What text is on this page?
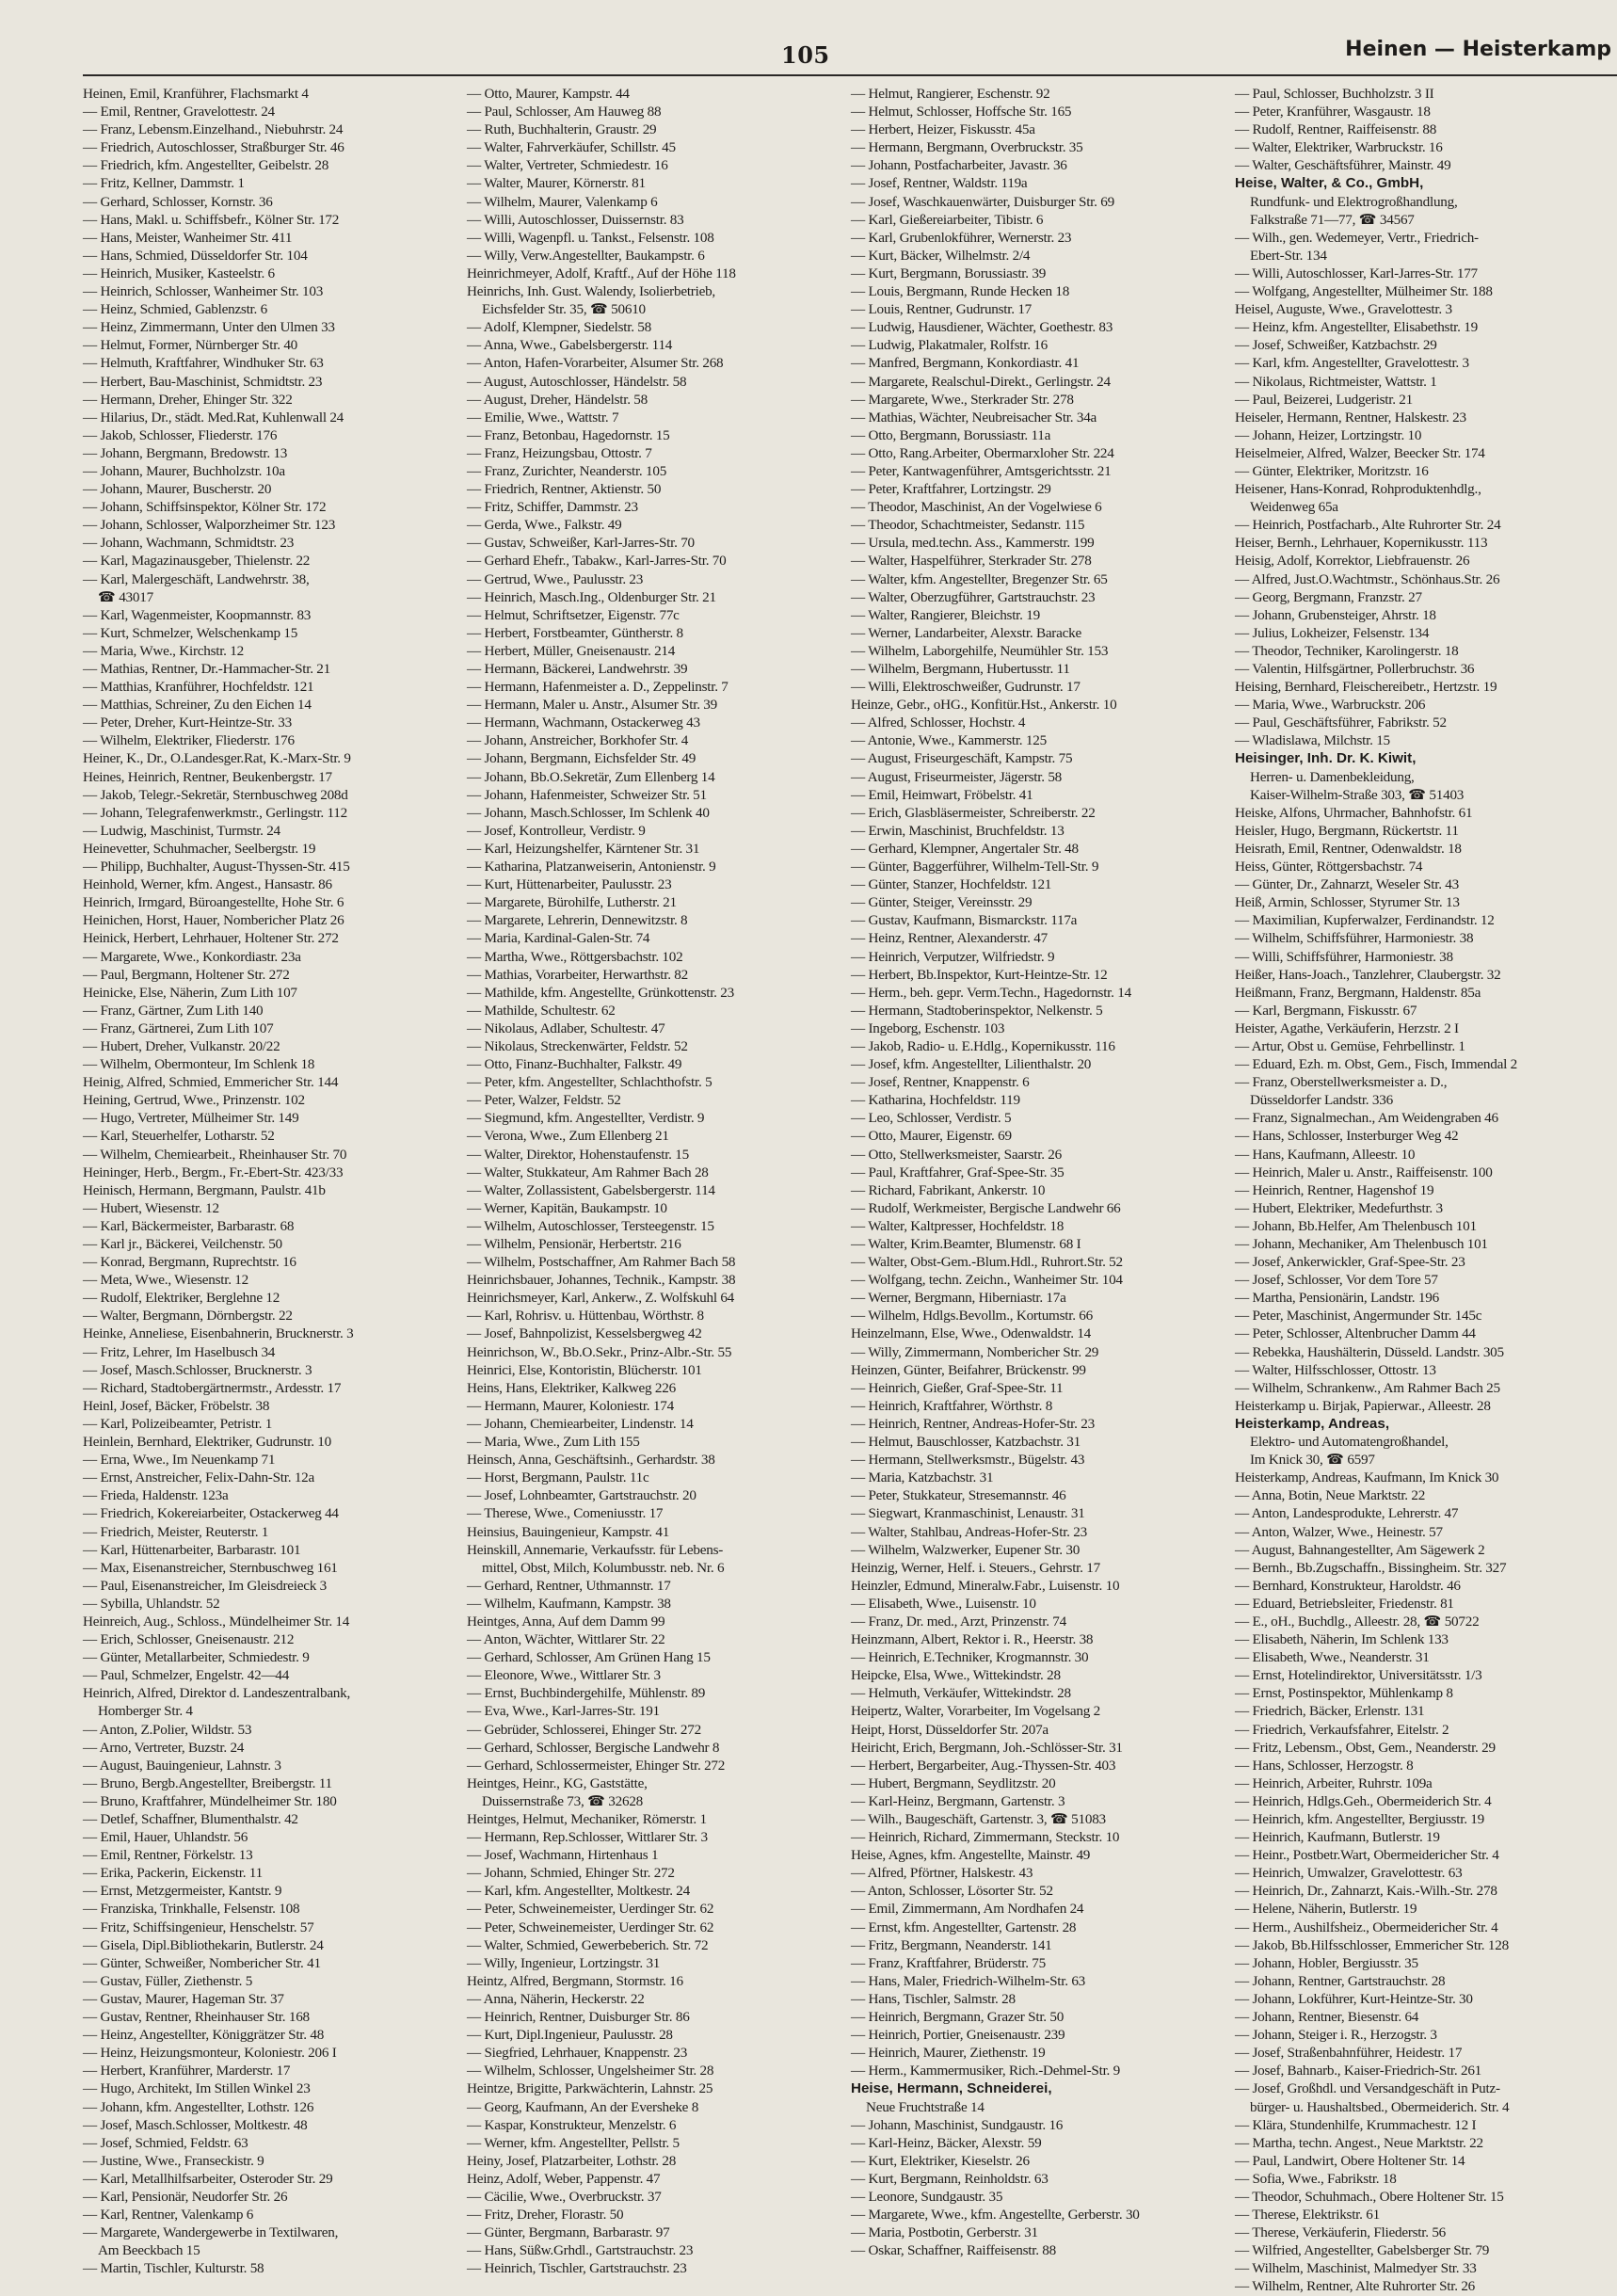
105	Heinen — Heisterkamp
Heinen, Emil, Kranführer, Flachsmarkt 4
— Emil, Rentner, Gravelottestr. 24
— Franz, Lebensm.Einzelhand., Niebuhrstr. 24
— Friedrich, Autoschlosser, Straßburger Str. 46
— Friedrich, kfm. Angestellter, Geibelstr. 28
— Fritz, Kellner, Dammstr. 1
— Gerhard, Schlosser, Kornstr. 36
— Hans, Makl. u. Schiffsbefr., Kölner Str. 172
— Hans, Meister, Wanheimer Str. 411
— Hans, Schmied, Düsseldorfer Str. 104
— Heinrich, Musiker, Kasteelstr. 6
— Heinrich, Schlosser, Wanheimer Str. 103
— Heinz, Schmied, Gablenzstr. 6
— Heinz, Zimmermann, Unter den Ulmen 33
— Helmut, Former, Nürnberger Str. 40
— Helmuth, Kraftfahrer, Windhuker Str. 63
— Herbert, Bau-Maschinist, Schmidtstr. 23
— Hermann, Dreher, Ehinger Str. 322
— Hilarius, Dr., städt. Med.Rat, Kuhlenwall 24
— Jakob, Schlosser, Fliederstr. 176
— Johann, Bergmann, Bredowstr. 13
— Johann, Maurer, Buchholzstr. 10a
— Johann, Maurer, Buscherstr. 20
— Johann, Schiffsinspektor, Kölner Str. 172
— Johann, Schlosser, Walporzheimer Str. 123
— Johann, Wachmann, Schmidtstr. 23
— Karl, Magazinausgeber, Thielenstr. 22
— Karl, Malergeschäft, Landwehrstr. 38,
☎ 43017
— Karl, Wagenmeister, Koopmannstr. 83
— Kurt, Schmelzer, Welschenkamp 15
— Maria, Wwe., Kirchstr. 12
— Mathias, Rentner, Dr.-Hammacher-Str. 21
— Matthias, Kranführer, Hochfeldstr. 121
— Matthias, Schreiner, Zu den Eichen 14
— Peter, Dreher, Kurt-Heintze-Str. 33
— Wilhelm, Elektriker, Fliederstr. 176
Heiner, K., Dr., O.Landesger.Rat, K.-Marx-Str. 9
Heines, Heinrich, Rentner, Beukenbergstr. 17
— Jakob, Telegr.-Sekretär, Sternbuschweg 208d
— Johann, Telegrafenwerkmstr., Gerlingstr. 112
— Ludwig, Maschinist, Turmstr. 24
Heinevetter, Schuhmacher, Seelbergstr. 19
— Philipp, Buchhalter, August-Thyssen-Str. 415
Heinhold, Werner, kfm. Angest., Hansastr. 86
Heinrich, Irmgard, Büroangestellte, Hohe Str. 6
Heinichen, Horst, Hauer, Nombericher Platz 26
Heinick, Herbert, Lehrhauer, Holtener Str. 272
— Margarete, Wwe., Konkordiastr. 23a
— Paul, Bergmann, Holtener Str. 272
Heinicke, Else, Näherin, Zum Lith 107
— Franz, Gärtner, Zum Lith 140
— Franz, Gärtnerei, Zum Lith 107
— Hubert, Dreher, Vulkanstr. 20/22
— Wilhelm, Obermonteur, Im Schlenk 18
Heinig, Alfred, Schmied, Emmericher Str. 144
Heining, Gertrud, Wwe., Prinzenstr. 102
— Hugo, Vertreter, Mülheimer Str. 149
— Karl, Steuerhelfer, Lotharstr. 52
— Wilhelm, Chemiearbeit., Rheinhauser Str. 70
Heininger, Herb., Bergm., Fr.-Ebert-Str. 423/33
Heinisch, Hermann, Bergmann, Paulstr. 41b
— Hubert, Wiesenstr. 12
— Karl, Bäckermeister, Barbarastr. 68
— Karl jr., Bäckerei, Veilchenstr. 50
— Konrad, Bergmann, Ruprechtstr. 16
— Meta, Wwe., Wiesenstr. 12
— Rudolf, Elektriker, Berglehne 12
— Walter, Bergmann, Dörnbergstr. 22
Heinke, Anneliese, Eisenbahnerin, Brucknerstr. 3
— Fritz, Lehrer, Im Haselbusch 34
— Josef, Masch.Schlosser, Brucknerstr. 3
— Richard, Stadtobergärtnermstr., Ardesstr. 17
Heinl, Josef, Bäcker, Fröbelstr. 38
— Karl, Polizeibeamter, Petristr. 1
Heinlein, Bernhard, Elektriker, Gudrunstr. 10
— Erna, Wwe., Im Neuenkamp 71
— Ernst, Anstreicher, Felix-Dahn-Str. 12a
— Frieda, Haldenstr. 123a
— Friedrich, Kokereiarbeiter, Ostackerweg 44
— Friedrich, Meister, Reuterstr. 1
— Karl, Hüttenarbeiter, Barbarastr. 101
— Max, Eisenanstreicher, Sternbuschweg 161
— Paul, Eisenanstreicher, Im Gleisdreieck 3
— Sybilla, Uhlandstr. 52
Heinreich, Aug., Schloss., Mündelheimer Str. 14
— Erich, Schlosser, Gneisenaustr. 212
— Günter, Metallarbeiter, Schmiedestr. 9
— Paul, Schmelzer, Engelstr. 42—44
Heinrich, Alfred, Direktor d. Landeszentralbank,
Homberger Str. 4
— Anton, Z.Polier, Wildstr. 53
— Arno, Vertreter, Buzstr. 24
— August, Bauingenieur, Lahnstr. 3
— Bruno, Bergb.Angestellter, Breibergstr. 11
— Bruno, Kraftfahrer, Mündelheimer Str. 180
— Detlef, Schaffner, Blumenthalstr. 42
— Emil, Hauer, Uhlandstr. 56
— Emil, Rentner, Förkelstr. 13
— Erika, Packerin, Eickenstr. 11
— Ernst, Metzgermeister, Kantstr. 9
— Franziska, Trinkhalle, Felsenstr. 108
— Fritz, Schiffsingenieur, Henschelstr. 57
— Gisela, Dipl.Bibliothekarin, Butlerstr. 24
— Günter, Schweißer, Nombericher Str. 41
— Gustav, Füller, Ziethenstr. 5
— Gustav, Maurer, Hageman Str. 37
— Gustav, Rentner, Rheinhauser Str. 168
— Heinz, Angestellter, Königgrätzer Str. 48
— Heinz, Heizungsmonteur, Koloniestr. 206 I
— Herbert, Kranführer, Marderstr. 17
— Hugo, Architekt, Im Stillen Winkel 23
— Johann, kfm. Angestellter, Lothstr. 126
— Josef, Masch.Schlosser, Moltkestr. 48
— Josef, Schmied, Feldstr. 63
— Justine, Wwe., Franseckistr. 9
— Karl, Metallhilfsarbeiter, Osteroder Str. 29
— Karl, Pensionär, Neudorfer Str. 26
— Karl, Rentner, Valenkamp 6
— Margarete, Wandergewerbe in Textilwaren,
Am Beeckbach 15
— Martin, Tischler, Kulturstr. 58
— Otto, Maurer, Kampstr. 44
— Paul, Schlosser, Am Hauweg 88
— Ruth, Buchhalterin, Graustr. 29
— Walter, Fahrverkäufer, Schillstr. 45
— Walter, Vertreter, Schmiedestr. 16
— Walter, Maurer, Körnerstr. 81
— Wilhelm, Maurer, Valenkamp 6
— Willi, Autoschlosser, Duissernstr. 83
— Willi, Wagenpfl. u. Tankst., Felsenstr. 108
— Willy, Verw.Angestellter, Baukampstr. 6
Heinrichmeyer, Adolf, Kraftf., Auf der Höhe 118
Heinrichs, Inh. Gust. Walendy, Isolierbetrieb,
Eichsfelder Str. 35, ☎ 50610
— Adolf, Klempner, Siedelstr. 58
— Anna, Wwe., Gabelsbergerstr. 114
— Anton, Hafen-Vorarbeiter, Alsumer Str. 268
— August, Autoschlosser, Händelstr. 58
— August, Dreher, Händelstr. 58
— Emilie, Wwe., Wattstr. 7
— Franz, Betonbau, Hagedornstr. 15
— Franz, Heizungsbau, Ottostr. 7
— Franz, Zurichter, Neanderstr. 105
— Friedrich, Rentner, Aktienstr. 50
— Fritz, Schiffer, Dammstr. 23
— Gerda, Wwe., Falkstr. 49
— Gustav, Schweißer, Karl-Jarres-Str. 70
— Gerhard Ehefr., Tabakw., Karl-Jarres-Str. 70
— Gertrud, Wwe., Paulusstr. 23
— Heinrich, Masch.Ing., Oldenburger Str. 21
— Helmut, Schriftsetzer, Eigenstr. 77c
— Herbert, Forstbeamter, Güntherstr. 8
— Herbert, Müller, Gneisenaustr. 214
— Hermann, Bäckerei, Landwehrstr. 39
— Hermann, Hafenmeister a. D., Zeppelinstr. 7
— Hermann, Maler u. Anstr., Alsumer Str. 39
— Hermann, Wachmann, Ostackerweg 43
— Johann, Anstreicher, Borkhofer Str. 4
— Johann, Bergmann, Eichsfelder Str. 49
— Johann, Bb.O.Sekretär, Zum Ellenberg 14
— Johann, Hafenmeister, Schweizer Str. 51
— Johann, Masch.Schlosser, Im Schlenk 40
— Josef, Kontrolleur, Verdistr. 9
— Karl, Heizungshelfer, Kärntener Str. 31
— Katharina, Platzanweiserin, Antonienstr. 9
— Kurt, Hüttenarbeiter, Paulusstr. 23
— Margarete, Bürohilfe, Lutherstr. 21
— Margarete, Lehrerin, Dennewitzstr. 8
— Maria, Kardinal-Galen-Str. 74
— Martha, Wwe., Röttgersbachstr. 102
— Mathias, Vorarbeiter, Herwarthstr. 82
— Mathilde, kfm. Angestellte, Grünkottenstr. 23
— Mathilde, Schultestr. 62
— Nikolaus, Adlaber, Schultestr. 47
— Nikolaus, Streckenwärter, Feldstr. 52
— Otto, Finanz-Buchhalter, Falkstr. 49
— Peter, kfm. Angestellter, Schlachthofstr. 5
— Peter, Walzer, Feldstr. 52
— Siegmund, kfm. Angestellter, Verdistr. 9
— Verona, Wwe., Zum Ellenberg 21
— Walter, Direktor, Hohenstaufenstr. 15
— Walter, Stukkateur, Am Rahmer Bach 28
— Walter, Zollassistent, Gabelsbergerstr. 114
— Werner, Kapitän, Baukampstr. 10
— Wilhelm, Autoschlosser, Tersteegenstr. 15
— Wilhelm, Pensionär, Herbertstr. 216
— Wilhelm, Postschaffner, Am Rahmer Bach 58
Heinrichsbauer, Johannes, Technik., Kampstr. 38
Heinrichsmeyer, Karl, Ankerw., Z. Wolfskuhl 64
— Karl, Rohrisv. u. Hüttenbau, Wörthstr. 8
— Josef, Bahnpolizist, Kesselsbergweg 42
Heinrichson, W., Bb.O.Sekr., Prinz-Albr.-Str. 55
Heinrici, Else, Kontoristin, Blücherstr. 101
Heins, Hans, Elektriker, Kalkweg 226
— Hermann, Maurer, Koloniestr. 174
— Johann, Chemiearbeiter, Lindenstr. 14
— Maria, Wwe., Zum Lith 155
Heinsch, Anna, Geschäftsinh., Gerhardstr. 38
— Horst, Bergmann, Paulstr. 11c
— Josef, Lohnbeamter, Gartstrauchstr. 20
— Therese, Wwe., Comeniusstr. 17
Heinsius, Bauingenieur, Kampstr. 41
Heinskill, Annemarie, Verkaufsstr. für Lebens-
mittel, Obst, Milch, Kolumbusstr. neb. Nr. 6
— Gerhard, Rentner, Uthmannstr. 17
— Wilhelm, Kaufmann, Kampstr. 38
Heintges, Anna, Auf dem Damm 99
— Anton, Wächter, Wittlarer Str. 22
— Gerhard, Schlosser, Am Grünen Hang 15
— Eleonore, Wwe., Wittlarer Str. 3
— Ernst, Buchbindergehilfe, Mühlenstr. 89
— Eva, Wwe., Karl-Jarres-Str. 191
— Gebrüder, Schlosserei, Ehinger Str. 272
— Gerhard, Schlosser, Bergische Landwehr 8
— Gerhard, Schlossermeister, Ehinger Str. 272
Heintges, Heinr., KG, Gaststätte,
Duissernstraße 73, ☎ 32628
Heintges, Helmut, Mechaniker, Römerstr. 1
— Hermann, Rep.Schlosser, Wittlarer Str. 3
— Josef, Wachmann, Hirtenhaus 1
— Johann, Schmied, Ehinger Str. 272
— Karl, kfm. Angestellter, Moltkestr. 24
— Peter, Schweinemeister, Uerdinger Str. 62
— Peter, Schweinemeister, Uerdinger Str. 62
— Walter, Schmied, Gewerbeberich. Str. 72
— Willy, Ingenieur, Lortzingstr. 31
Heintz, Alfred, Bergmann, Stormstr. 16
— Anna, Näherin, Heckerstr. 22
— Heinrich, Rentner, Duisburger Str. 86
— Kurt, Dipl.Ingenieur, Paulusstr. 28
— Siegfried, Lehrhauer, Knappenstr. 23
— Wilhelm, Schlosser, Ungelsheimer Str. 28
Heintze, Brigitte, Parkwächterin, Lahnstr. 25
— Georg, Kaufmann, An der Eversheke 8
— Kaspar, Konstrukteur, Menzelstr. 6
— Werner, kfm. Angestellter, Pellstr. 5
Heiny, Josef, Platzarbeiter, Lothstr. 28
Heinz, Adolf, Weber, Pappenstr. 47
— Cäcilie, Wwe., Overbruckstr. 37
— Fritz, Dreher, Florastr. 50
— Günter, Bergmann, Barbarastr. 97
— Hans, Süßw.Grhdl., Gartstrauchstr. 23
— Heinrich, Tischler, Gartstrauchstr. 23
— Helmut, Rangierer, Eschenstr. 92
— Helmut, Schlosser, Hoffsche Str. 165
— Herbert, Heizer, Fiskusstr. 45a
— Hermann, Bergmann, Overbruckstr. 35
— Johann, Postfacharbeiter, Javastr. 36
— Josef, Rentner, Waldstr. 119a
— Josef, Waschkauenwärter, Duisburger Str. 69
— Karl, Gießereiarbeiter, Tibistr. 6
— Karl, Grubenlokführer, Wernerstr. 23
— Kurt, Bäcker, Wilhelmstr. 2/4
— Kurt, Bergmann, Borussiastr. 39
— Louis, Bergmann, Runde Hecken 18
— Louis, Rentner, Gudrunstr. 17
— Ludwig, Hausdiener, Wächter, Goethestr. 83
— Ludwig, Plakatmaler, Rolfstr. 16
— Manfred, Bergmann, Konkordiastr. 41
— Margarete, Realschul-Direkt., Gerlingstr. 24
— Margarete, Wwe., Sterkrader Str. 278
— Mathias, Wächter, Neubreisacher Str. 34a
— Otto, Bergmann, Borussiastr. 11a
— Otto, Rang.Arbeiter, Obermarxloher Str. 224
— Peter, Kantwagenführer, Amtsgerichtsstr. 21
— Peter, Kraftfahrer, Lortzingstr. 29
— Theodor, Maschinist, An der Vogelwiese 6
— Theodor, Schachtmeister, Sedanstr. 115
— Ursula, med.techn. Ass., Kammerstr. 199
— Walter, Haspelführer, Sterkrader Str. 278
— Walter, kfm. Angestellter, Bregenzer Str. 65
— Walter, Oberzugführer, Gartstrauchstr. 23
— Walter, Rangierer, Bleichstr. 19
— Werner, Landarbeiter, Alexstr. Baracke
— Wilhelm, Laborgehilfe, Neumühler Str. 153
— Wilhelm, Bergmann, Hubertusstr. 11
— Willi, Elektroschweißer, Gudrunstr. 17
Heinze, Gebr., oHG., Konfitür.Hst., Ankerstr. 10
— Alfred, Schlosser, Hochstr. 4
— Antonie, Wwe., Kammerstr. 125
— August, Friseurgeschäft, Kampstr. 75
— August, Friseurmeister, Jägerstr. 58
— Emil, Heimwart, Fröbelstr. 41
— Erich, Glasbläsermeister, Schreiberstr. 22
— Erwin, Maschinist, Bruchfeldstr. 13
— Gerhard, Klempner, Angertaler Str. 48
— Günter, Baggerführer, Wilhelm-Tell-Str. 9
— Günter, Stanzer, Hochfeldstr. 121
— Günter, Steiger, Vereinsstr. 29
— Gustav, Kaufmann, Bismarckstr. 117a
— Heinz, Rentner, Alexanderstr. 47
— Heinrich, Verputzer, Wilfriedstr. 9
— Herbert, Bb.Inspektor, Kurt-Heintze-Str. 12
— Herm., beh. gepr. Verm.Techn., Hagedornstr. 14
— Hermann, Stadtoberinspektor, Nelkenstr. 5
— Ingeborg, Eschenstr. 103
— Jakob, Radio- u. E.Hdlg., Kopernikusstr. 116
— Josef, kfm. Angestellter, Lilienthalstr. 20
— Josef, Rentner, Knappenstr. 6
— Katharina, Hochfeldstr. 119
— Leo, Schlosser, Verdistr. 5
— Otto, Maurer, Eigenstr. 69
— Otto, Stellwerksmeister, Saarstr. 26
— Paul, Kraftfahrer, Graf-Spee-Str. 35
— Richard, Fabrikant, Ankerstr. 10
— Rudolf, Werkmeister, Bergische Landwehr 66
— Walter, Kaltpresser, Hochfeldstr. 18
— Walter, Krim.Beamter, Blumenstr. 68 I
— Walter, Obst-Gem.-Blum.Hdl., Ruhrort.Str. 52
— Wolfgang, techn. Zeichn., Wanheimer Str. 104
— Werner, Bergmann, Hiberniastr. 17a
— Wilhelm, Hdlgs.Bevollm., Kortumstr. 66
Heinzelmann, Else, Wwe., Odenwaldstr. 14
— Willy, Zimmermann, Nombericher Str. 29
Heinzen, Günter, Beifahrer, Brückenstr. 99
— Heinrich, Gießer, Graf-Spee-Str. 11
— Heinrich, Kraftfahrer, Wörthstr. 8
— Heinrich, Rentner, Andreas-Hofer-Str. 23
— Helmut, Bauschlosser, Katzbachstr. 31
— Hermann, Stellwerksmstr., Bügelstr. 43
— Maria, Katzbachstr. 31
— Peter, Stukkateur, Stresemannstr. 46
— Siegwart, Kranmaschinist, Lenaustr. 31
— Walter, Stahlbau, Andreas-Hofer-Str. 23
— Wilhelm, Walzwerker, Eupener Str. 30
Heinzig, Werner, Helf. i. Steuers., Gehrstr. 17
Heinzler, Edmund, Mineralw.Fabr., Luisenstr. 10
— Elisabeth, Wwe., Luisenstr. 10
— Franz, Dr. med., Arzt, Prinzenstr. 74
Heinzmann, Albert, Rektor i. R., Heerstr. 38
— Heinrich, E.Techniker, Krogmannstr. 30
Heipcke, Elsa, Wwe., Wittekindstr. 28
— Helmuth, Verkäufer, Wittekindstr. 28
Heipertz, Walter, Vorarbeiter, Im Vogelsang 2
Heipt, Horst, Düsseldorfer Str. 207a
Heiricht, Erich, Bergmann, Joh.-Schlösser-Str. 31
— Herbert, Bergarbeiter, Aug.-Thyssen-Str. 403
— Hubert, Bergmann, Seydlitzstr. 20
— Karl-Heinz, Bergmann, Gartenstr. 3
— Wilh., Baugeschäft, Gartenstr. 3, ☎ 51083
— Heinrich, Richard, Zimmermann, Steckstr. 10
Heise, Agnes, kfm. Angestellte, Mainstr. 49
— Alfred, Pförtner, Halskestr. 43
— Anton, Schlosser, Lösorter Str. 52
— Emil, Zimmermann, Am Nordhafen 24
— Ernst, kfm. Angestellter, Gartenstr. 28
— Fritz, Bergmann, Neanderstr. 141
— Franz, Kraftfahrer, Brüderstr. 75
— Hans, Maler, Friedrich-Wilhelm-Str. 63
— Hans, Tischler, Salmstr. 28
— Heinrich, Bergmann, Grazer Str. 50
— Heinrich, Portier, Gneisenaustr. 239
— Heinrich, Maurer, Ziethenstr. 19
— Herm., Kammermusiker, Rich.-Dehmel-Str. 9
Heise, Hermann, Schneiderei,
Neue Fruchtstraße 14
— Johann, Maschinist, Sundgaustr. 16
— Karl-Heinz, Bäcker, Alexstr. 59
— Kurt, Elektriker, Kieselstr. 26
— Kurt, Bergmann, Reinholdstr. 63
— Leonore, Sundgaustr. 35
— Margarete, Wwe., kfm. Angestellte, Gerberstr. 30
— Maria, Postbotin, Gerberstr. 31
— Oskar, Schaffner, Raiffeisenstr. 88
— Paul, Schlosser, Buchholzstr. 3 II
— Peter, Kranführer, Wasgaustr. 18
— Rudolf, Rentner, Raiffeisenstr. 88
— Walter, Elektriker, Warbruckstr. 16
— Walter, Geschäftsführer, Mainstr. 49
Heise, Walter, & Co., GmbH,
Rundfunk- und Elektrogroßhandlung,
Falkstraße 71—77, ☎ 34567
— Wilh., gen. Wedemeyer, Vertr., Friedrich-
Ebert-Str. 134
— Willi, Autoschlosser, Karl-Jarres-Str. 177
— Wolfgang, Angestellter, Mülheimer Str. 188
Heisel, Auguste, Wwe., Gravelottestr. 3
— Heinz, kfm. Angestellter, Elisabethstr. 19
— Josef, Schweißer, Katzbachstr. 29
— Karl, kfm. Angestellter, Gravelottestr. 3
— Nikolaus, Richtmeister, Wattstr. 1
— Paul, Beizerei, Ludgeristr. 21
Heiseler, Hermann, Rentner, Halskestr. 23
— Johann, Heizer, Lortzingstr. 10
Heiselmeier, Alfred, Walzer, Beecker Str. 174
— Günter, Elektriker, Moritzstr. 16
Heisener, Hans-Konrad, Rohproduktenhdlg.,
Weidenweg 65a
— Heinrich, Postfacharb., Alte Ruhrorter Str. 24
Heiser, Bernh., Lehrhauer, Kopernikusstr. 113
Heisig, Adolf, Korrektor, Liebfrauenstr. 26
— Alfred, Just.O.Wachtmstr., Schönhaus.Str. 26
— Georg, Bergmann, Franzstr. 27
— Johann, Grubensteiger, Ahrstr. 18
— Julius, Lokheizer, Felsenstr. 134
— Theodor, Techniker, Karolingerstr. 18
— Valentin, Hilfsgärtner, Pollerbruchstr. 36
Heising, Bernhard, Fleischereibetr., Hertzstr. 19
— Maria, Wwe., Warbruckstr. 206
— Paul, Geschäftsführer, Fabrikstr. 52
— Wladislawa, Milchstr. 15
Heisinger, Inh. Dr. K. Kiwit,
Herren- u. Damenbekleidung,
Kaiser-Wilhelm-Straße 303, ☎ 51403
Heiske, Alfons, Uhrmacher, Bahnhofstr. 61
Heisler, Hugo, Bergmann, Rückertstr. 11
Heisrath, Emil, Rentner, Odenwaldstr. 18
Heiss, Günter, Röttgersbachstr. 74
— Günter, Dr., Zahnarzt, Weseler Str. 43
Heiß, Armin, Schlosser, Styrumer Str. 13
— Maximilian, Kupferwalzer, Ferdinandstr. 12
— Wilhelm, Schiffsführer, Harmoniestr. 38
— Willi, Schiffsführer, Harmoniestr. 38
Heißer, Hans-Joach., Tanzlehrer, Claubergstr. 32
Heißmann, Franz, Bergmann, Haldenstr. 85a
— Karl, Bergmann, Fiskusstr. 67
Heister, Agathe, Verkäuferin, Herzstr. 2 I
— Artur, Obst u. Gemüse, Fehrbellinstr. 1
— Eduard, Ezh. m. Obst, Gem., Fisch, Immendal 2
— Franz, Oberstellwerksmeister a. D.,
Düsseldorfer Landstr. 336
— Franz, Signalmechan., Am Weidengraben 46
— Hans, Schlosser, Insterburger Weg 42
— Hans, Kaufmann, Alleestr. 10
— Heinrich, Maler u. Anstr., Raiffeisenstr. 100
— Heinrich, Rentner, Hagenshof 19
— Hubert, Elektriker, Medefurthstr. 3
— Johann, Bb.Helfer, Am Thelenbusch 101
— Johann, Mechaniker, Am Thelenbusch 101
— Josef, Ankerwickler, Graf-Spee-Str. 23
— Josef, Schlosser, Vor dem Tore 57
— Martha, Pensionärin, Landstr. 196
— Peter, Maschinist, Angermunder Str. 145c
— Peter, Schlosser, Altenbrucher Damm 44
— Rebekka, Haushälterin, Düsseld. Landstr. 305
— Walter, Hilfsschlosser, Ottostr. 13
— Wilhelm, Schrankenw., Am Rahmer Bach 25
Heisterkamp u. Birjak, Papierwar., Alleestr. 28
Heisterkamp, Andreas,
Elektro- und Automatengroßhandel,
Im Knick 30, ☎ 6597
Heisterkamp, Andreas, Kaufmann, Im Knick 30
— Anna, Botin, Neue Marktstr. 22
— Anton, Landesprodukte, Lehrerstr. 47
— Anton, Walzer, Wwe., Heinestr. 57
— August, Bahnangestellter, Am Sägewerk 2
— Bernh., Bb.Zugschaffn., Bissingheim. Str. 327
— Bernhard, Konstrukteur, Haroldstr. 46
— Eduard, Betriebsleiter, Friedenstr. 81
— E., oH., Buchdlg., Alleestr. 28, ☎ 50722
— Elisabeth, Näherin, Im Schlenk 133
— Elisabeth, Wwe., Neanderstr. 31
— Ernst, Hotelindirektor, Universitätsstr. 1/3
— Ernst, Postinspektor, Mühlenkamp 8
— Friedrich, Bäcker, Erlenstr. 131
— Friedrich, Verkaufsfahrer, Eitelstr. 2
— Fritz, Lebensm., Obst, Gem., Neanderstr. 29
— Hans, Schlosser, Herzogstr. 8
— Heinrich, Arbeiter, Ruhrstr. 109a
— Heinrich, Hdlgs.Geh., Obermeiderich Str. 4
— Heinrich, kfm. Angestellter, Bergiusstr. 19
— Heinrich, Kaufmann, Butlerstr. 19
— Heinr., Postbetr.Wart, Obermeidericher Str. 4
— Heinrich, Umwalzer, Gravelottestr. 63
— Heinrich, Dr., Zahnarzt, Kais.-Wilh.-Str. 278
— Helene, Näherin, Butlerstr. 19
— Herm., Aushilfsheiz., Obermeidericher Str. 4
— Jakob, Bb.Hilfsschlosser, Emmericher Str. 128
— Johann, Hobler, Bergiusstr. 35
— Johann, Rentner, Gartstrauchstr. 28
— Johann, Lokführer, Kurt-Heintze-Str. 30
— Johann, Rentner, Biesenstr. 64
— Johann, Steiger i. R., Herzogstr. 3
— Josef, Straßenbahnführer, Heidestr. 17
— Josef, Bahnarb., Kaiser-Friedrich-Str. 261
— Josef, Großhdl. und Versandgeschäft in Putz-
bürger- u. Haushaltsbed., Obermeiderich. Str. 4
— Klära, Stundenhilfe, Krummachestr. 12 I
— Martha, techn. Angest., Neue Marktstr. 22
— Paul, Landwirt, Obere Holtener Str. 14
— Sofia, Wwe., Fabrikstr. 18
— Theodor, Schuhmach., Obere Holtener Str. 15
— Therese, Elektrikstr. 61
— Therese, Verkäuferin, Fliederstr. 56
— Wilfried, Angestellter, Gabelsberger Str. 79
— Wilhelm, Maschinist, Malmedyer Str. 33
— Wilhelm, Rentner, Alte Ruhrorter Str. 26
